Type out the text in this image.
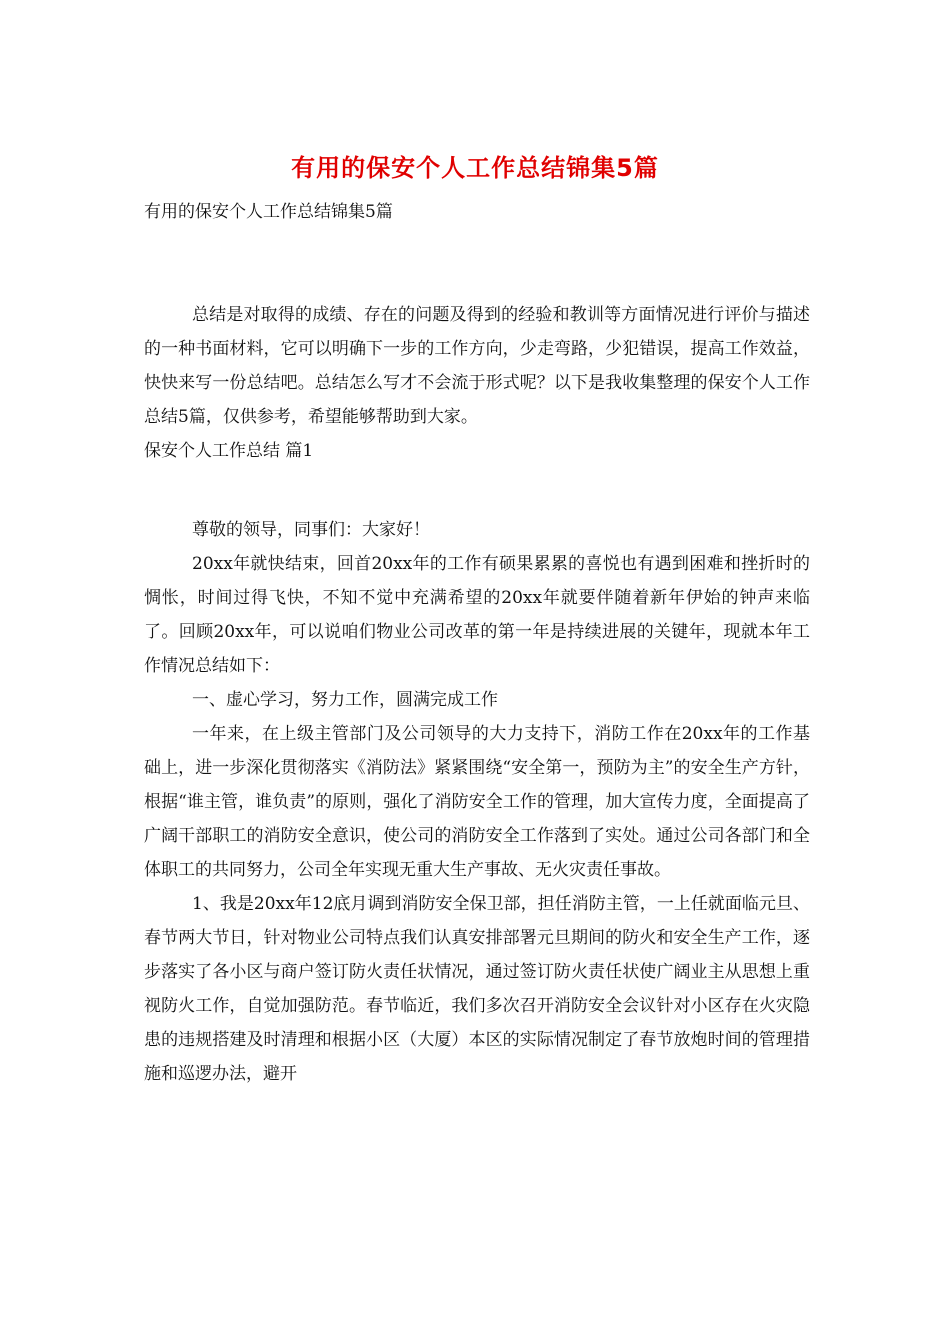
有用的保安个人工作总结锦集5篇
有用的保安个人工作总结锦集5篇

总结是对取得的成绩、存在的问题及得到的经验和教训等方面情况进行评价与描述的一种书面材料，它可以明确下一步的工作方向，少走弯路，少犯错误，提高工作效益，快快来写一份总结吧。总结怎么写才不会流于形式呢？以下是我收集整理的保安个人工作总结5篇，仅供参考，希望能够帮助到大家。

保安个人工作总结 篇1

尊敬的领导，同事们：大家好！

20xx年就快结束，回首20xx年的工作有硕果累累的喜悦也有遇到困难和挫折时的惆怅，时间过得飞快，不知不觉中充满希望的20xx年就要伴随着新年伊始的钟声来临了。回顾20xx年，可以说咱们物业公司改革的第一年是持续进展的关键年，现就本年工作情况总结如下：

一、虚心学习，努力工作，圆满完成工作

一年来，在上级主管部门及公司领导的大力支持下，消防工作在20xx年的工作基础上，进一步深化贯彻落实《消防法》紧紧围绕“安全第一，预防为主”的安全生产方针，根据“谁主管，谁负责”的原则，强化了消防安全工作的管理，加大宣传力度，全面提高了广阔干部职工的消防安全意识，使公司的消防安全工作落到了实处。通过公司各部门和全体职工的共同努力，公司全年实现无重大生产事故、无火灾责任事故。

1、我是20xx年12底月调到消防安全保卫部，担任消防主管，一上任就面临元旦、春节两大节日，针对物业公司特点我们认真安排部署元旦期间的防火和安全生产工作，逐步落实了各小区与商户签订防火责任状情况，通过签订防火责任状使广阔业主从思想上重视防火工作，自觉加强防范。春节临近，我们多次召开消防安全会议针对小区存在火灾隐患的违规搭建及时清理和根据小区（大厦）本区的实际情况制定了春节放炮时间的管理措施和巡逻办法，避开
